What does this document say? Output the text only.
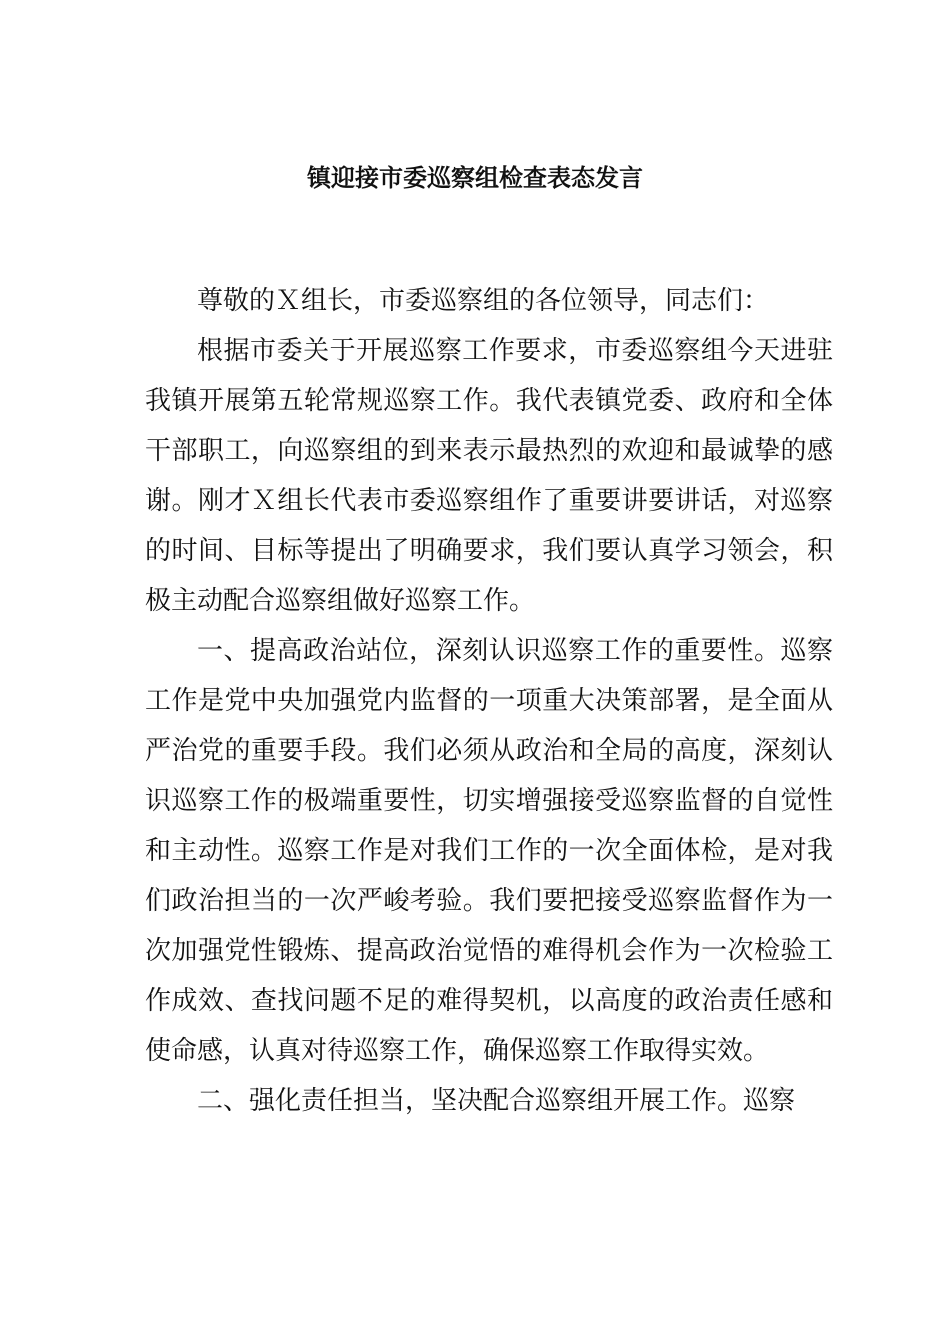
镇迎接市委巡察组检查表态发言

尊敬的Ｘ组长，市委巡察组的各位领导，同志们：

根据市委关于开展巡察工作要求，市委巡察组今天进驻我镇开展第五轮常规巡察工作。我代表镇党委、政府和全体干部职工，向巡察组的到来表示最热烈的欢迎和最诚挚的感谢。刚才Ｘ组长代表市委巡察组作了重要讲要讲话，对巡察的时间、目标等提出了明确要求，我们要认真学习领会，积极主动配合巡察组做好巡察工作。

一、提高政治站位，深刻认识巡察工作的重要性。巡察工作是党中央加强党内监督的一项重大决策部署，是全面从严治党的重要手段。我们必须从政治和全局的高度，深刻认识巡察工作的极端重要性，切实增强接受巡察监督的自觉性和主动性。巡察工作是对我们工作的一次全面体检，是对我们政治担当的一次严峻考验。我们要把接受巡察监督作为一次加强党性锻炼、提高政治觉悟的难得机会作为一次检验工作成效、查找问题不足的难得契机，以高度的政治责任感和使命感，认真对待巡察工作，确保巡察工作取得实效。

二、强化责任担当，坚决配合巡察组开展工作。巡察
